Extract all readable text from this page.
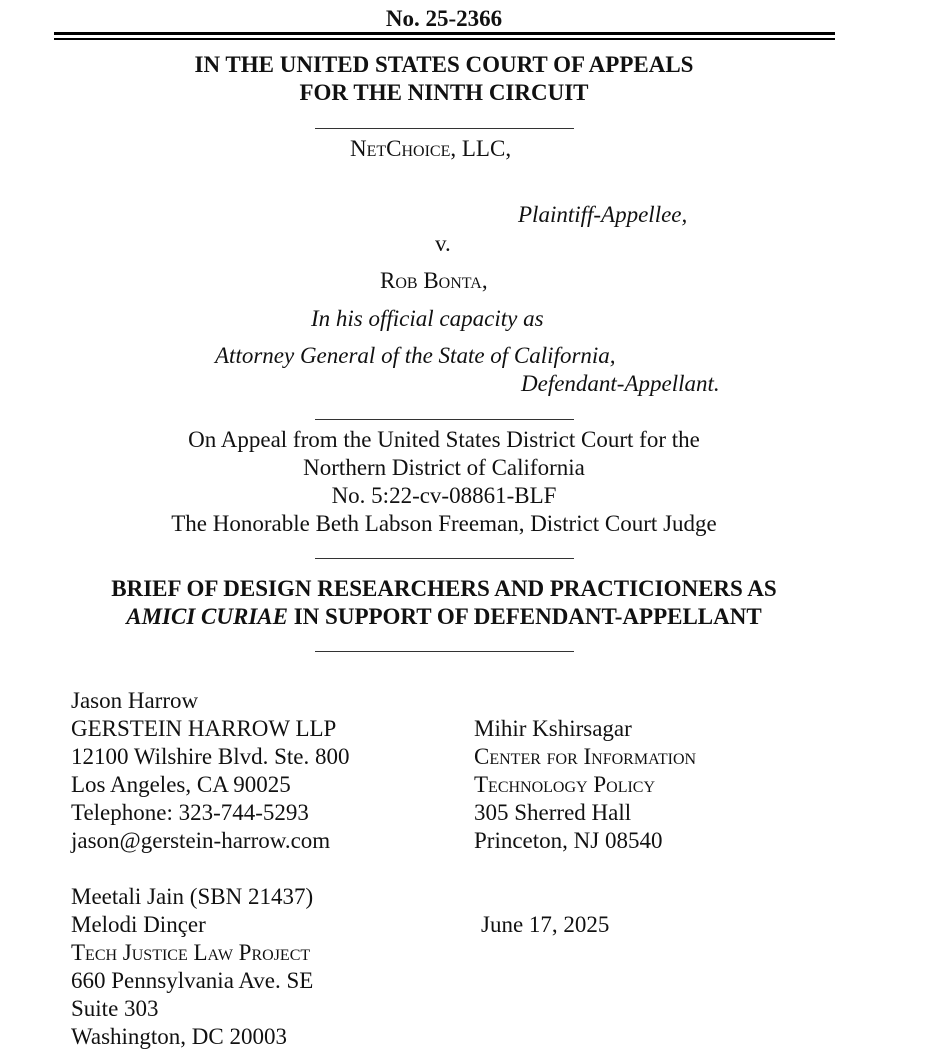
No. 25-2366
IN THE UNITED STATES COURT OF APPEALS
FOR THE NINTH CIRCUIT
NetChoice, LLC,
Plaintiff-Appellee,
v.
Rob Bonta,
In his official capacity as
Attorney General of the State of California,
Defendant-Appellant.
On Appeal from the United States District Court for the
Northern District of California
No. 5:22-cv-08861-BLF
The Honorable Beth Labson Freeman, District Court Judge
BRIEF OF DESIGN RESEARCHERS AND PRACTICIONERS AS
AMICI CURIAE IN SUPPORT OF DEFENDANT-APPELLANT
Jason Harrow
GERSTEIN HARROW LLP
12100 Wilshire Blvd. Ste. 800
Los Angeles, CA 90025
Telephone: 323-744-5293
jason@gerstein-harrow.com
Mihir Kshirsagar
Center for Information
Technology Policy
305 Sherred Hall
Princeton, NJ 08540
Meetali Jain (SBN 21437)
Melodi Dinçer
Tech Justice Law Project
660 Pennsylvania Ave. SE
Suite 303
Washington, DC 20003
June 17, 2025
